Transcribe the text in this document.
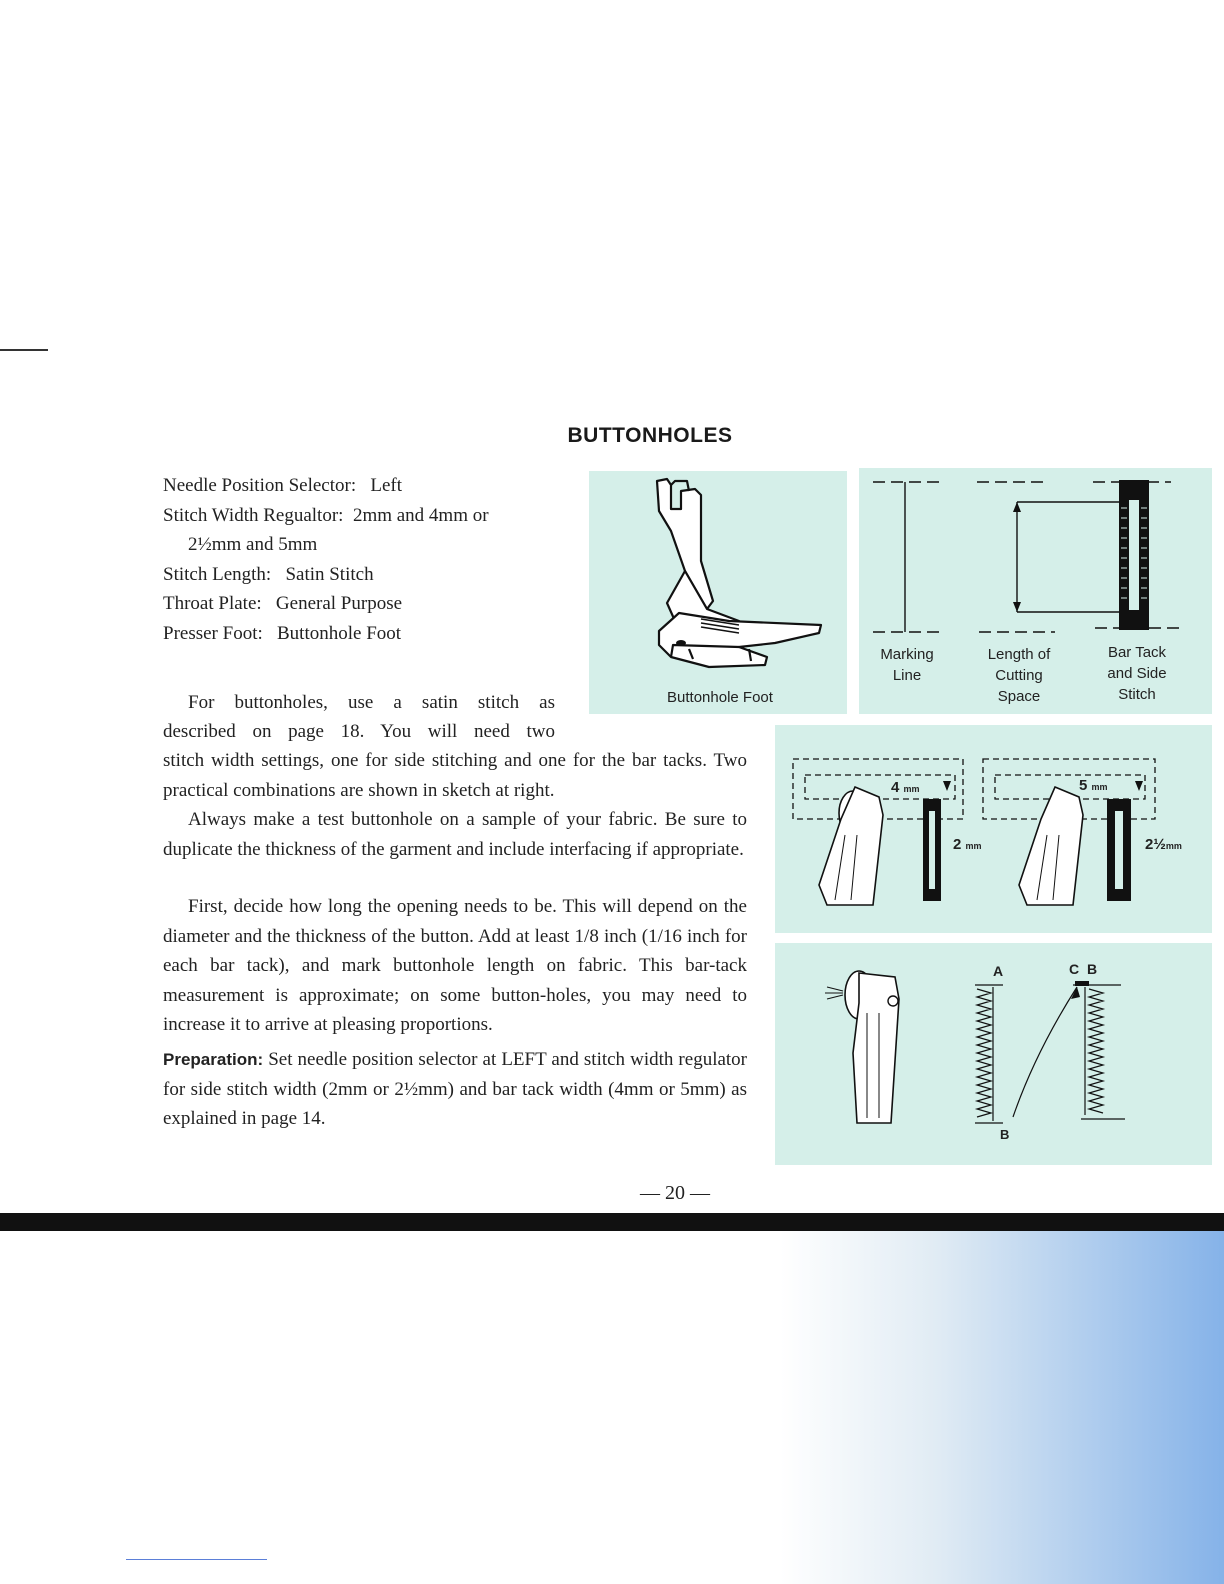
BUTTONHOLES
Needle Position Selector: Left
Stitch Width Regualtor: 2mm and 4mm or
2½mm and 5mm
Stitch Length: Satin Stitch
Throat Plate: General Purpose
Presser Foot: Buttonhole Foot
For buttonholes, use a satin stitch as
described on page 18. You will need two
stitch width settings, one for side stitching and one for the bar tacks. Two practical combinations are shown in sketch at right.
Always make a test buttonhole on a sample of your fabric. Be sure to duplicate the thickness of the garment and include interfacing if appropriate.
First, decide how long the opening needs to be. This will depend on the diameter and the thickness of the button. Add at least 1/8 inch (1/16 inch for each bar tack), and mark buttonhole length on fabric. This bar-tack measurement is approximate; on some button-holes, you may need to increase it to arrive at pleasing proportions.
Preparation: Set needle position selector at LEFT and stitch width regulator for side stitch width (2mm or 2½mm) and bar tack width (4mm or 5mm) as explained in page 14.
Buttonhole Foot
Marking
Line
Length of
Cutting
Space
Bar Tack
and Side
Stitch
4 mm	5 mm
2 mm	2½mm
A	C B
B
— 20 —
